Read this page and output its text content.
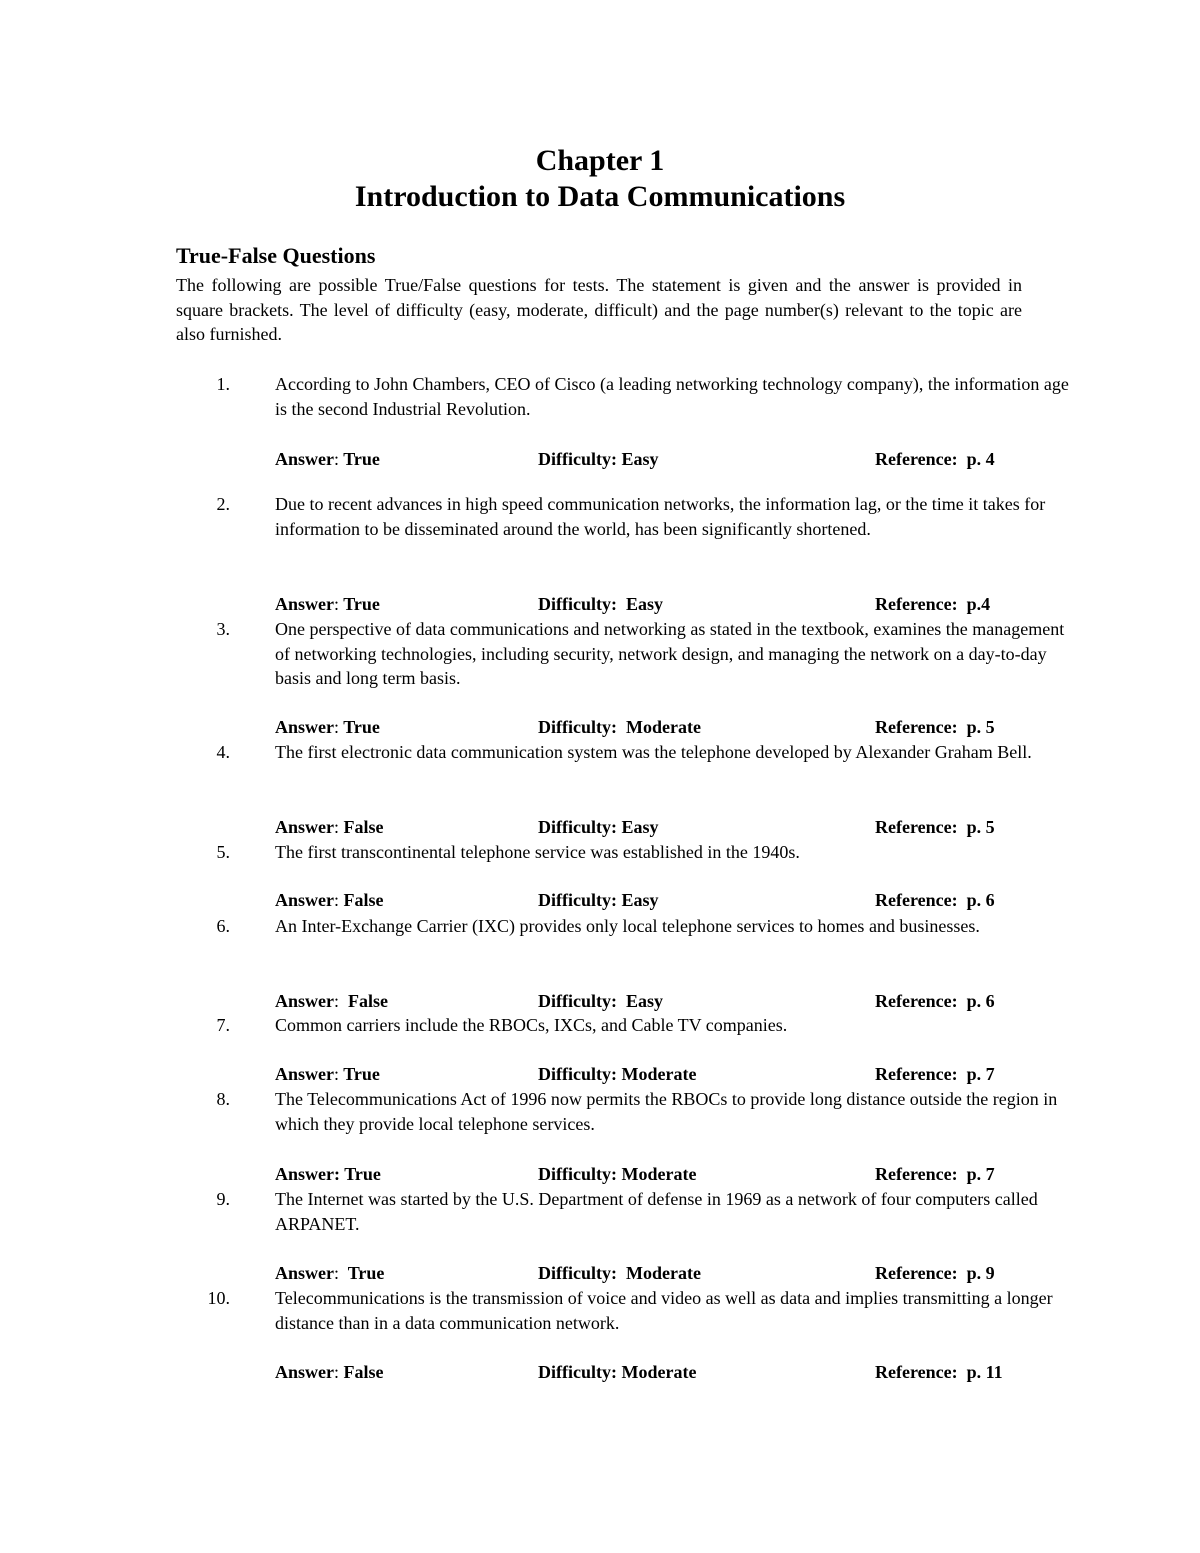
Chapter 1
Introduction to Data Communications
True-False Questions
The following are possible True/False questions for tests. The statement is given and the answer is provided in square brackets. The level of difficulty (easy, moderate, difficult) and the page number(s) relevant to the topic are also furnished.
1.	According to John Chambers, CEO of Cisco (a leading networking technology company), the information age is the second Industrial Revolution.
Answer: True	Difficulty: Easy	Reference: p. 4
2.	Due to recent advances in high speed communication networks, the information lag, or the time it takes for information to be disseminated around the world, has been significantly shortened.
Answer: True	Difficulty: Easy	Reference: p.4
3.	One perspective of data communications and networking as stated in the textbook, examines the management of networking technologies, including security, network design, and managing the network on a day-to-day basis and long term basis.
Answer: True	Difficulty: Moderate	Reference: p. 5
4.	The first electronic data communication system was the telephone developed by Alexander Graham Bell.
Answer: False	Difficulty: Easy	Reference: p. 5
5.	The first transcontinental telephone service was established in the 1940s.
Answer: False	Difficulty: Easy	Reference: p. 6
6.	An Inter-Exchange Carrier (IXC) provides only local telephone services to homes and businesses.
Answer: False	Difficulty: Easy	Reference: p. 6
7.	Common carriers include the RBOCs, IXCs, and Cable TV companies.
Answer: True	Difficulty: Moderate	Reference: p. 7
8.	The Telecommunications Act of 1996 now permits the RBOCs to provide long distance outside the region in which they provide local telephone services.
Answer: True	Difficulty: Moderate	Reference: p. 7
9.	The Internet was started by the U.S. Department of defense in 1969 as a network of four computers called ARPANET.
Answer: True	Difficulty: Moderate	Reference: p. 9
10.	Telecommunications is the transmission of voice and video as well as data and implies transmitting a longer distance than in a data communication network.
Answer: False	Difficulty: Moderate	Reference: p. 11
